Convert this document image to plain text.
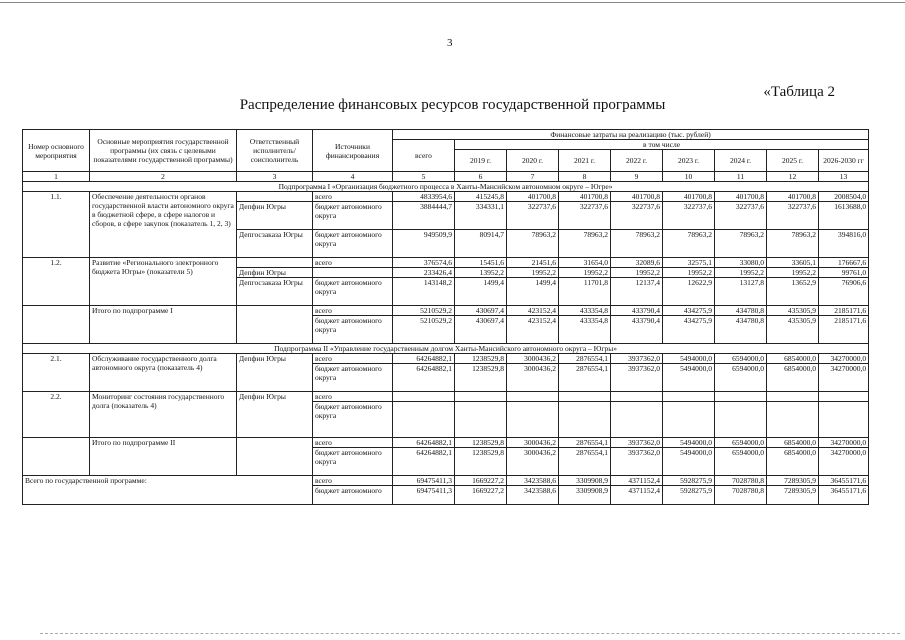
3
«Таблица 2
Распределение финансовых ресурсов государственной программы
Номер основного мероприятия	Основные мероприятия государственной программы (их связь с целевыми показателями государственной программы)	Ответственный исполнитель/ соисполнитель	Источники финансирования	Финансовые затраты на реализацию (тыс. рублей)								
				всего	в том числе							
					2019 г.	2020 г.	2021 г.	2022 г.	2023 г.	2024 г.	2025 г.	2026-2030 гг
1	2	3	4	5	6	7	8	9	10	11	12	13
Подпрограмма I «Организация бюджетного процесса в Ханты-Мансийском автономном округе – Югре»												
1.1.	Обеспечение деятельности органов государственной власти автономного округа в бюджетной сфере, в сфере налогов и сборов, в сфере закупок (показатель 1, 2, 3)		всего	4833954,6	415245,8	401700,8	401700,8	401700,8	401700,8	401700,8	401700,8	2008504,0
		Депфин Югры	бюджет автономного округа	3884444,7	334331,1	322737,6	322737,6	322737,6	322737,6	322737,6	322737,6	1613688,0
		Депгосзаказа Югры	бюджет автономного округа	949509,9	80914,7	78963,2	78963,2	78963,2	78963,2	78963,2	78963,2	394816,0
1.2.	Развитие «Регионального электронного бюджета Югры» (показатели 5)		всего	376574,6	15451,6	21451,6	31654,0	32089,6	32575,1	33080,0	33605,1	176667,6
		Депфин Югры		233426,4	13952,2	19952,2	19952,2	19952,2	19952,2	19952,2	19952,2	99761,0
		Депгосзаказа Югры	бюджет автономного округа	143148,2	1499,4	1499,4	11701,8	12137,4	12622,9	13127,8	13652,9	76906,6
	Итого по подпрограмме I		всего	5210529,2	430697,4	423152,4	433354,8	433790,4	434275,9	434780,8	435305,9	2185171,6
			бюджет автономного округа	5210529,2	430697,4	423152,4	433354,8	433790,4	434275,9	434780,8	435305,9	2185171,6
Подпрограмма II «Управление государственным долгом Ханты-Мансийского автономного округа – Югры»												
2.1.	Обслуживание государственного долга автономного округа (показатель 4)	Депфин Югры	всего	64264882,1	1238529,8	3000436,2	2876554,1	3937362,0	5494000,0	6594000,0	6854000,0	34270000,0
			бюджет автономного округа	64264882,1	1238529,8	3000436,2	2876554,1	3937362,0	5494000,0	6594000,0	6854000,0	34270000,0
2.2.	Мониторинг состояния государственного долга (показатель 4)	Депфин Югры	всего									
			бюджет автономного округа									
	Итого по подпрограмме II		всего	64264882,1	1238529,8	3000436,2	2876554,1	3937362,0	5494000,0	6594000,0	6854000,0	34270000,0
			бюджет автономного округа	64264882,1	1238529,8	3000436,2	2876554,1	3937362,0	5494000,0	6594000,0	6854000,0	34270000,0
Всего по государственной программе:			всего	69475411,3	1669227,2	3423588,6	3309908,9	4371152,4	5928275,9	7028780,8	7289305,9	36455171,6
			бюджет автономного	69475411,3	1669227,2	3423588,6	3309908,9	4371152,4	5928275,9	7028780,8	7289305,9	36455171,6
